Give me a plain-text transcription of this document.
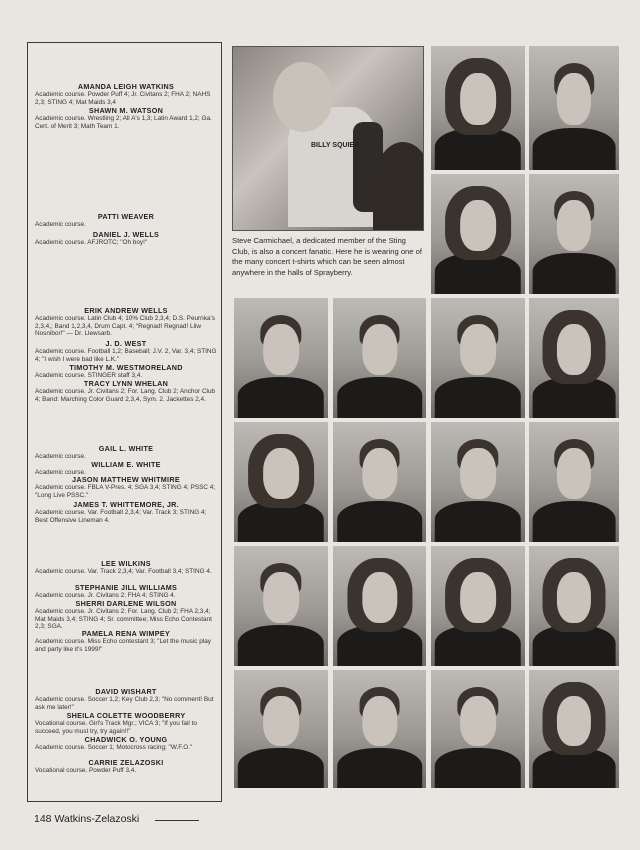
AMANDA LEIGH WATKINS
Academic course. Powder Puff 4; Jr. Civitans 2; FHA 2; NAHS 2,3; STING 4; Mat Maids 3,4
SHAWN M. WATSON
Academic course. Wrestling 2; All A's 1,3; Latin Award 1,2; Ga. Cert. of Merit 3; Math Team 1.
PATTI WEAVER
Academic course.
DANIEL J. WELLS
Academic course. AFJROTC; "Oh boy!"
ERIK ANDREW WELLS
Academic course. Latin Club 4; 10% Club 2,3,4; D.S. Peurnka's 2,3,4,; Band 1,2,3,4, Drum Capt. 4; "Regnad! Regnad! Lliw Nosnibor!" — Dr. Llewsarb.
J. D. WEST
Academic course. Football 1,2; Baseball; J.V. 2, Var. 3,4; STING 4; "I wish I were bad like L.K."
TIMOTHY M. WESTMORELAND
Academic course. STINGER staff 3,4.
TRACY LYNN WHELAN
Academic course. Jr. Civitans 2; For. Lang. Club 2; Anchor Club 4; Band: Marching Color Guard 2,3,4, Sym. 2. Jackettes 2,4.
GAIL L. WHITE
Academic course.
WILLIAM E. WHITE
Academic course.
JASON MATTHEW WHITMIRE
Academic course. FBLA V-Pres. 4; SGA 3,4; STING 4; PSSC 4; "Long Live PSSC."
JAMES T. WHITTEMORE, JR.
Academic course. Var. Football 2,3,4; Var. Track 3; STING 4; Best Offensive Lineman 4.
LEE WILKINS
Academic course. Var. Track 2,3,4; Var. Football 3,4; STING 4.
STEPHANIE JILL WILLIAMS
Academic course. Jr. Civitans 2; FHA 4; STING 4.
SHERRI DARLENE WILSON
Academic course. Jr. Civitans 2; For. Lang. Club 2; FHA 2,3,4; Mat Maids 3,4; STING 4; Sr. committee; Miss Echo Contestant 2,3; SGA.
PAMELA RENA WIMPEY
Academic course. Miss Echo contestant 3; "Let the music play and party like it's 1999!"
DAVID WISHART
Academic course. Soccer 1,2; Key Club 2,3; "No comment! But ask me later!"
SHEILA COLETTE WOODBERRY
Vocational course. Girl's Track Mgr.; VICA 3; "If you fail to succeed, you must try, try again!!"
CHADWICK O. YOUNG
Academic course. Soccer 1; Motocross racing; "W.F.O."
CARRIE ZELAZOSKI
Vocational course. Powder Puff 3,4.
BILLY SQUIER
Steve Carmichael, a dedicated member of the Sting Club, is also a concert fanatic. Here he is wearing one of the many concert t-shirts which can be seen almost anywhere in the halls of Sprayberry.
148 Watkins-Zelazoski
